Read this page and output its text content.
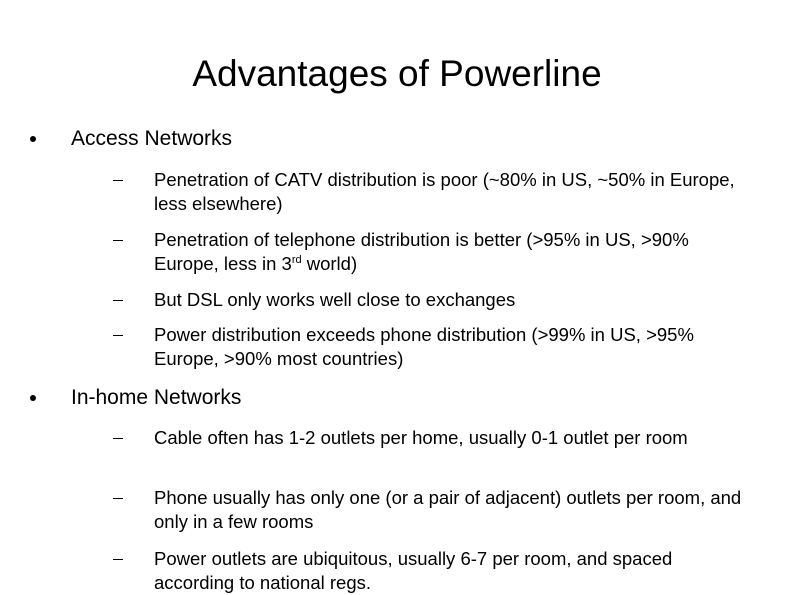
Advantages of Powerline
Access Networks
Penetration of CATV distribution is poor (~80% in US, ~50% in Europe, less elsewhere)
Penetration of telephone distribution is better (>95% in US, >90% Europe, less in 3rd world)
But DSL only works well close to exchanges
Power distribution exceeds phone distribution (>99% in US, >95% Europe, >90% most countries)
In-home Networks
Cable often has 1-2 outlets per home, usually 0-1 outlet per room
Phone usually has only one (or a pair of adjacent) outlets per room, and only in a few rooms
Power outlets are ubiquitous, usually 6-7 per room, and spaced according to national regs.
